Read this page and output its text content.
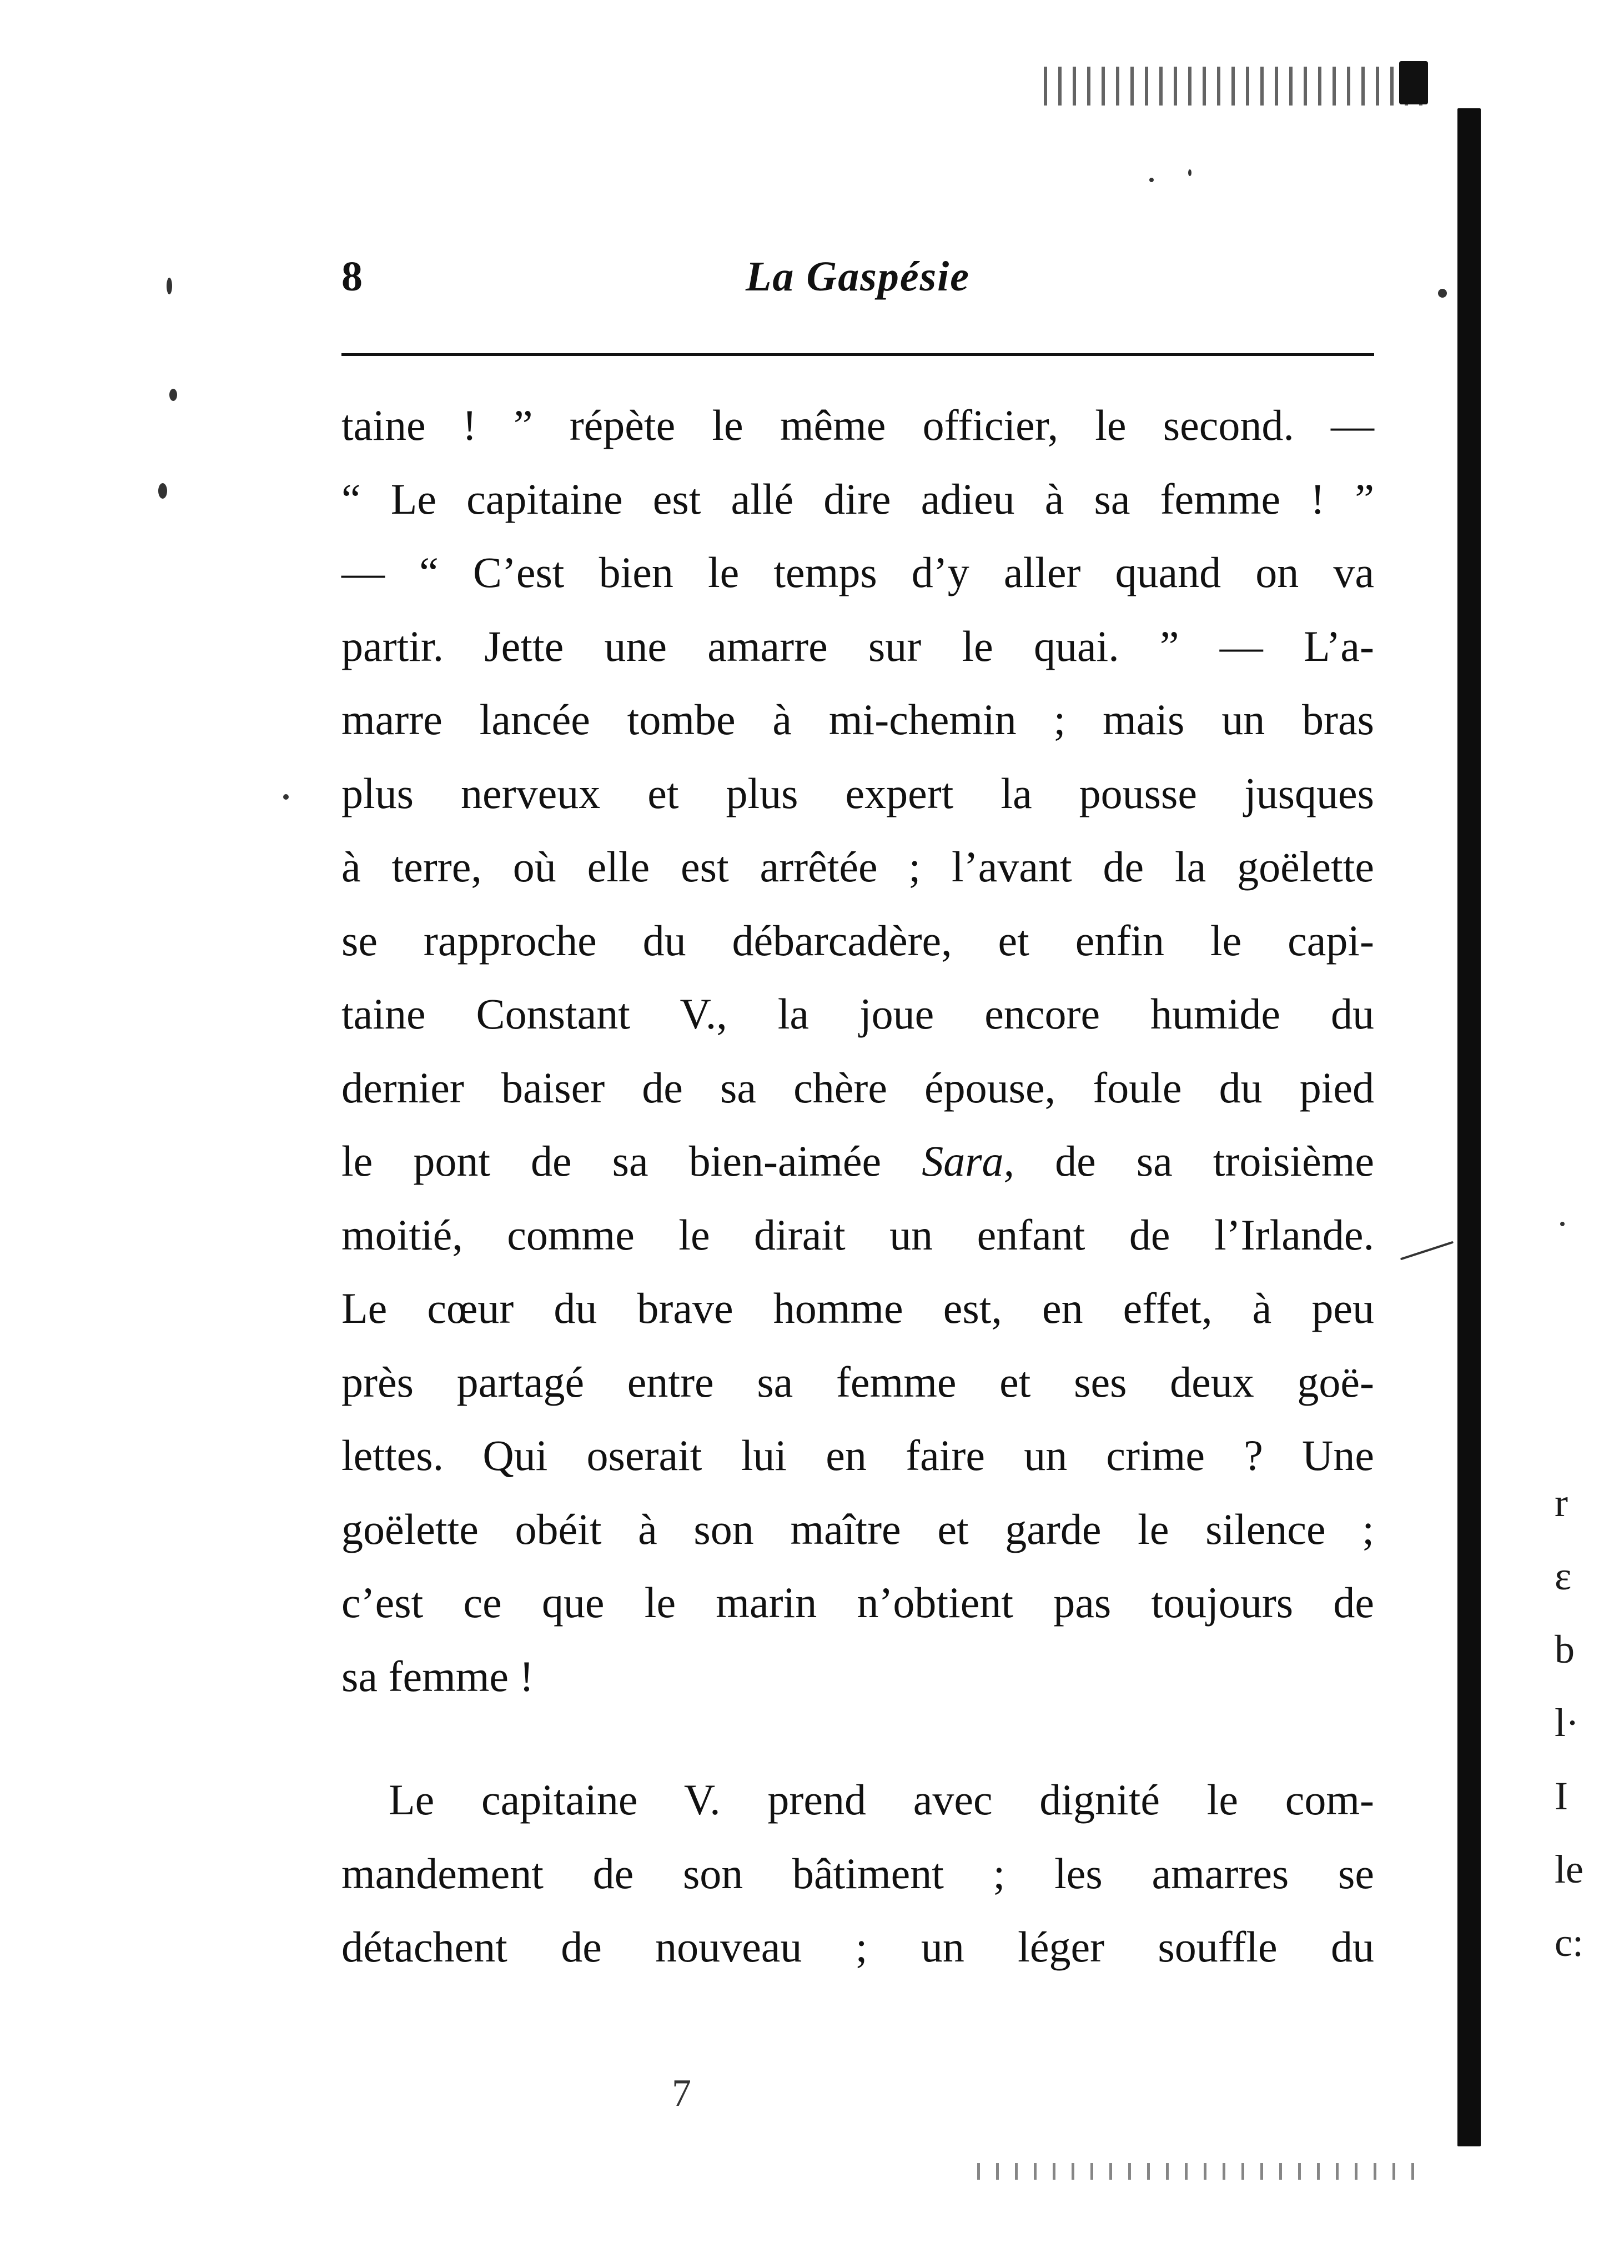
8	La Gaspésie
taine ! ” répète le même officier, le second. —
“ Le capitaine est allé dire adieu à sa femme ! ”
— “ C’est bien le temps d’y aller quand on va
partir. Jette une amarre sur le quai. ” — L’a-
marre lancée tombe à mi-chemin ; mais un bras
plus nerveux et plus expert la pousse jusques
à terre, où elle est arrêtée ; l’avant de la goëlette
se rapproche du débarcadère, et enfin le capi-
taine Constant V., la joue encore humide du
dernier baiser de sa chère épouse, foule du pied
le pont de sa bien-aimée Sara, de sa troisième
moitié, comme le dirait un enfant de l’Irlande.
Le cœur du brave homme est, en effet, à peu
près partagé entre sa femme et ses deux goë-
lettes. Qui oserait lui en faire un crime ? Une
goëlette obéit à son maître et garde le silence ;
c’est ce que le marin n’obtient pas toujours de
sa femme !
Le capitaine V. prend avec dignité le com-
mandement de son bâtiment ; les amarres se
détachent de nouveau ; un léger souffle du
r
ε
b
l·
I
le
c:
7
